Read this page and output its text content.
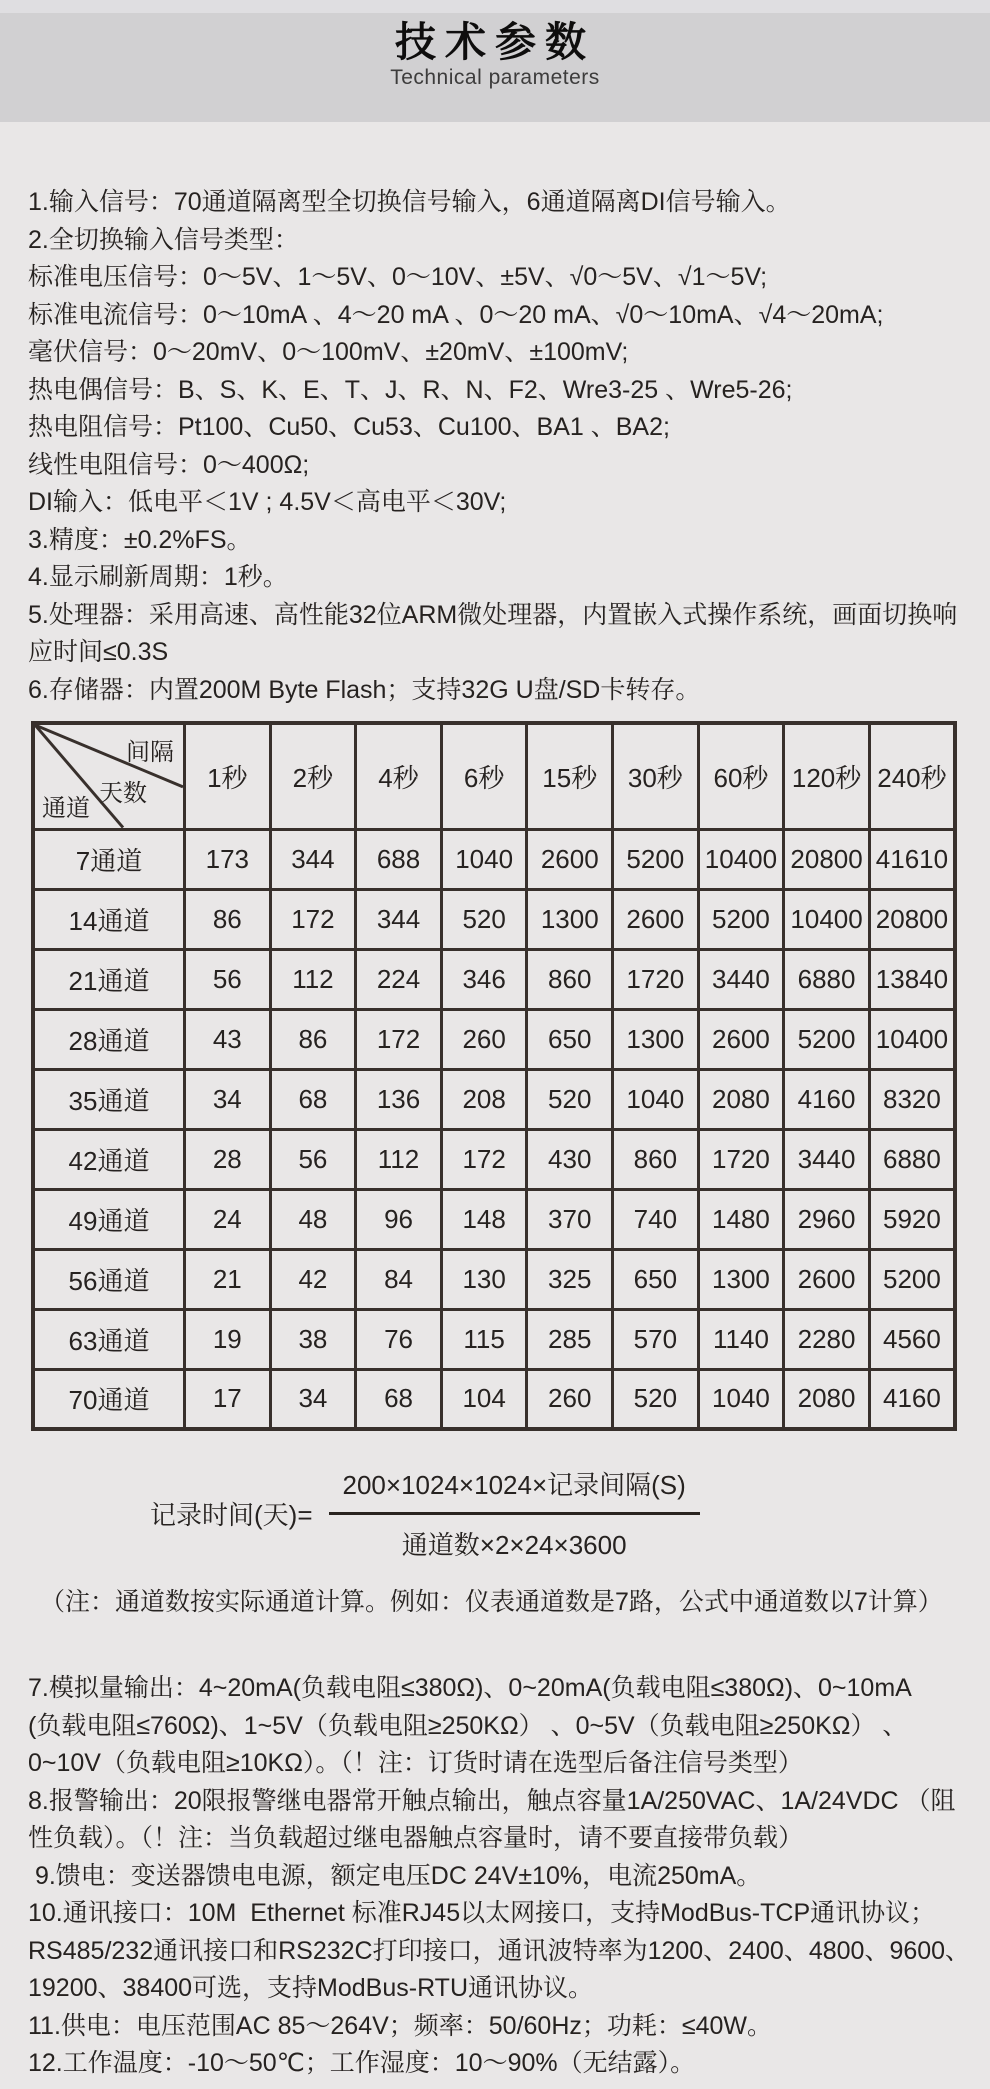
技术参数
Technical parameters
1.输入信号：70通道隔离型全切换信号输入，6通道隔离DI信号输入。
2.全切换输入信号类型：
标准电压信号：0～5V、1～5V、0～10V、±5V、√0～5V、√1～5V;
标准电流信号：0～10mA 、4～20 mA 、0～20 mA、√0～10mA、√4～20mA;
毫伏信号：0～20mV、0～100mV、±20mV、±100mV;
热电偶信号：B、S、K、E、T、J、R、N、F2、Wre3-25 、Wre5-26;
热电阻信号：Pt100、Cu50、Cu53、Cu100、BA1 、BA2;
线性电阻信号：0～400Ω;
DI输入：低电平＜1V ; 4.5V＜高电平＜30V;
3.精度：±0.2%FS。
4.显示刷新周期：1秒。
5.处理器：采用高速、高性能32位ARM微处理器，内置嵌入式操作系统，画面切换响
应时间≤0.3S
6.存储器：内置200M Byte Flash；支持32G U盘/SD卡转存。
间隔
天数
通道	1秒	2秒	4秒	6秒	15秒	30秒	60秒	120秒	240秒
7通道	173	344	688	1040	2600	5200	10400	20800	41610
14通道	86	172	344	520	1300	2600	5200	10400	20800
21通道	56	112	224	346	860	1720	3440	6880	13840
28通道	43	86	172	260	650	1300	2600	5200	10400
35通道	34	68	136	208	520	1040	2080	4160	8320
42通道	28	56	112	172	430	860	1720	3440	6880
49通道	24	48	96	148	370	740	1480	2960	5920
56通道	21	42	84	130	325	650	1300	2600	5200
63通道	19	38	76	115	285	570	1140	2280	4560
70通道	17	34	68	104	260	520	1040	2080	4160
记录时间(天)= $\frac{\text{200×1024×1024×记录间隔(S)}}{\text{通道数×2×24×3600}}$
（注：通道数按实际通道计算。例如：仪表通道数是7路，公式中通道数以7计算）
7.模拟量输出：4~20mA(负载电阻≤380Ω)、0~20mA(负载电阻≤380Ω)、0~10mA
(负载电阻≤760Ω)、1~5V（负载电阻≥250KΩ） 、0~5V（负载电阻≥250KΩ） 、
0~10V（负载电阻≥10KΩ）。（！注：订货时请在选型后备注信号类型）
8.报警输出：20限报警继电器常开触点输出，触点容量1A/250VAC、1A/24VDC （阻
性负载）。（！注：当负载超过继电器触点容量时，请不要直接带负载）
9.馈电：变送器馈电电源，额定电压DC 24V±10%，电流250mA。
10.通讯接口：10M  Ethernet 标准RJ45以太网接口，支持ModBus-TCP通讯协议；
RS485/232通讯接口和RS232C打印接口，通讯波特率为1200、2400、4800、9600、
19200、38400可选，支持ModBus-RTU通讯协议。
11.供电：电压范围AC 85～264V；频率：50/60Hz；功耗：≤40W。
12.工作温度：-10～50℃；工作湿度：10～90%（无结露）。
